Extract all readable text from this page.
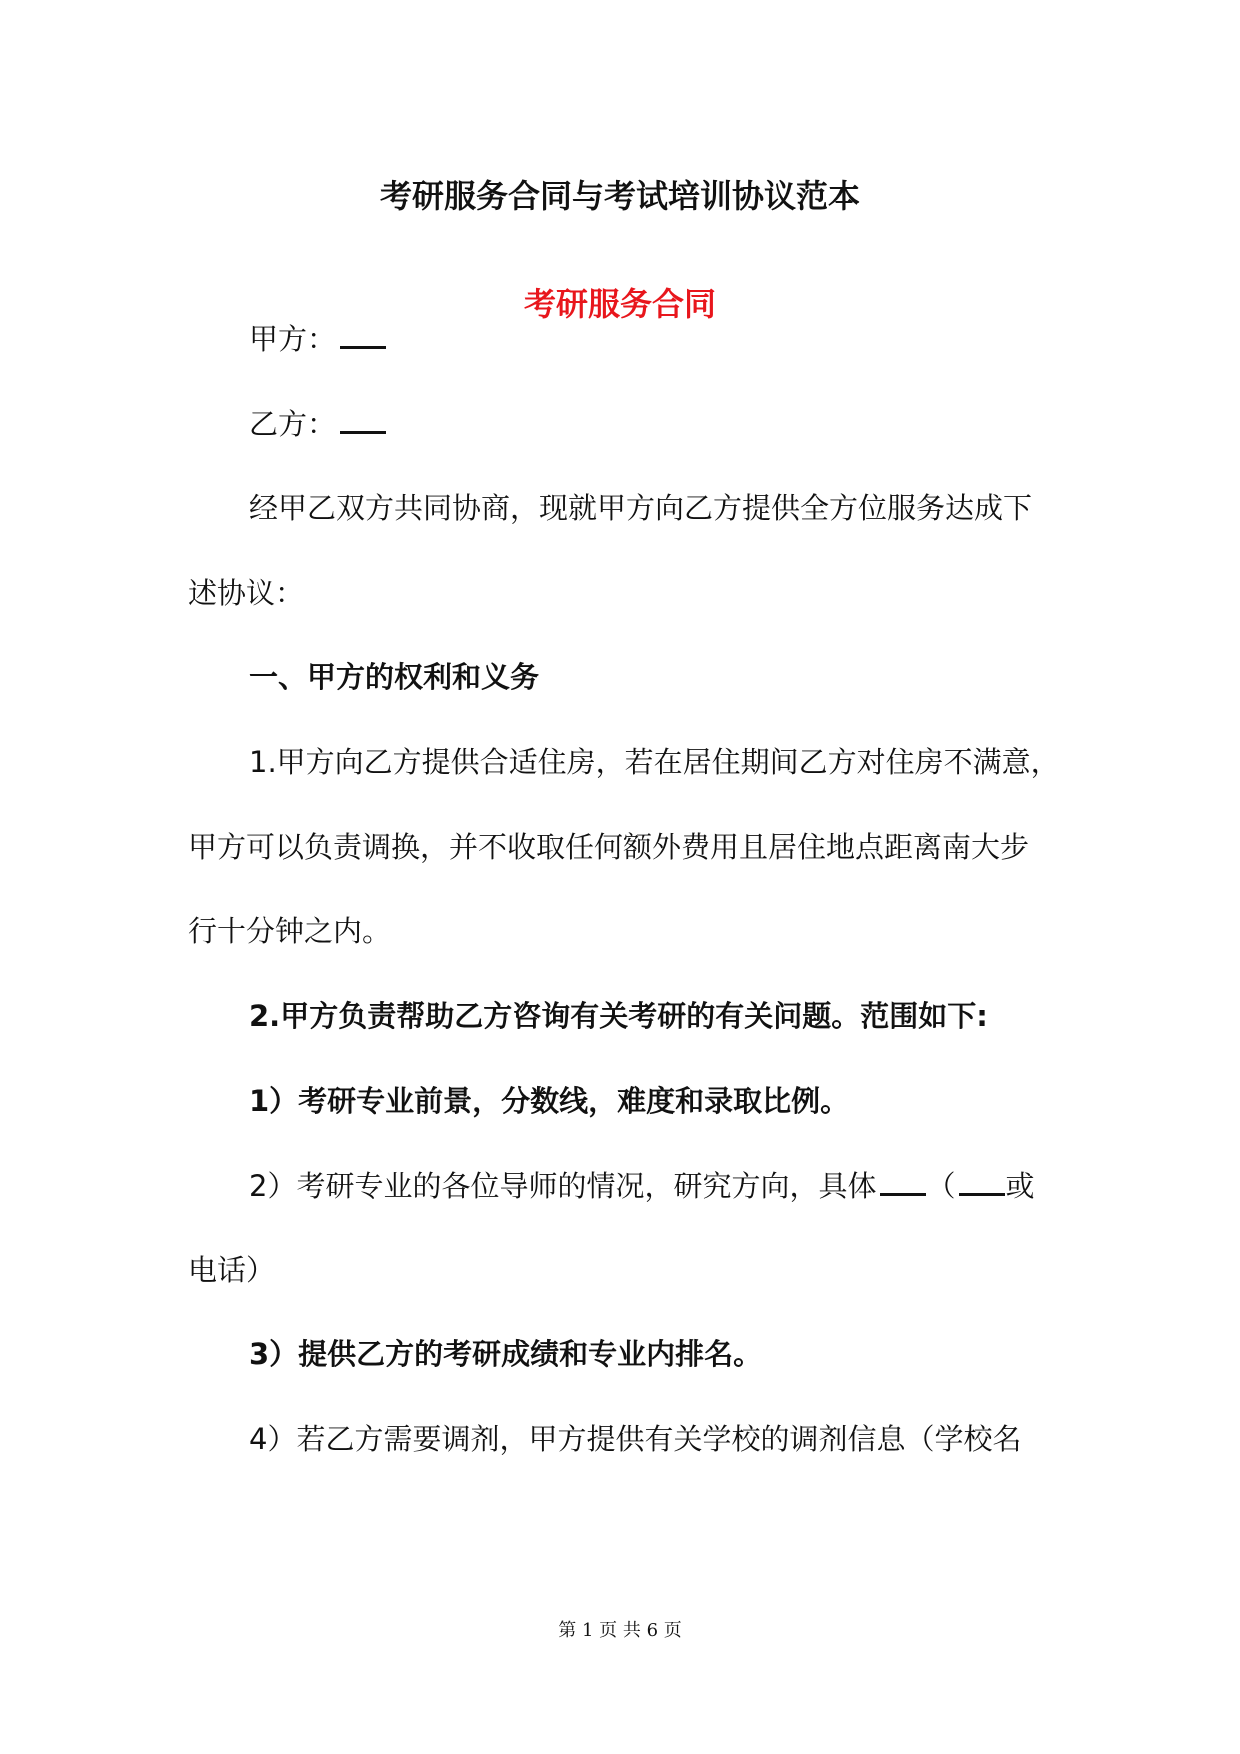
考研服务合同与考试培训协议范本
考研服务合同
甲方：
乙方：
经甲乙双方共同协商，现就甲方向乙方提供全方位服务达成下
述协议：
一、甲方的权利和义务
1.甲方向乙方提供合适住房，若在居住期间乙方对住房不满意，
甲方可以负责调换，并不收取任何额外费用且居住地点距离南大步
行十分钟之内。
2.甲方负责帮助乙方咨询有关考研的有关问题。范围如下:
1）考研专业前景，分数线，难度和录取比例。
2）考研专业的各位导师的情况，研究方向，具体 （ 或
电话）
3）提供乙方的考研成绩和专业内排名。
4）若乙方需要调剂，甲方提供有关学校的调剂信息（学校名
第 1 页 共 6 页
